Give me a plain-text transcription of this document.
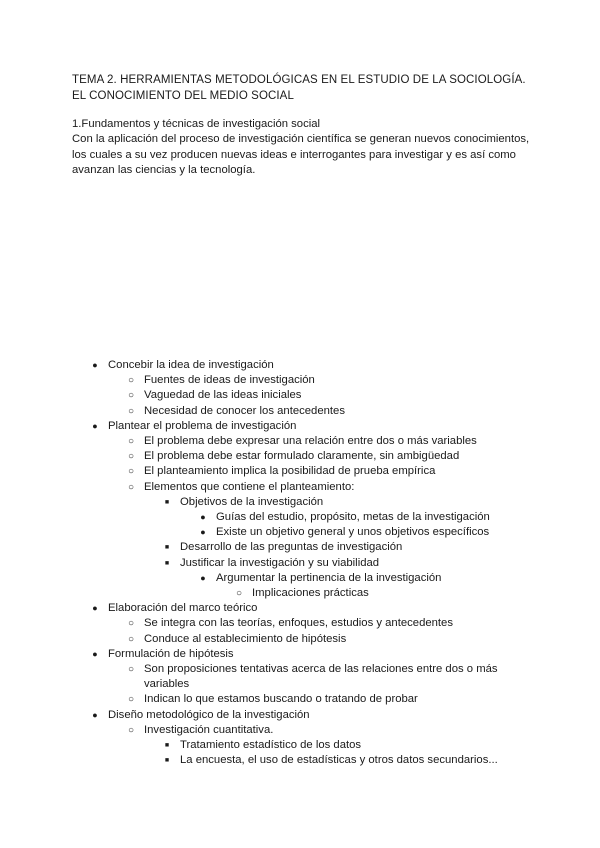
TEMA 2. HERRAMIENTAS METODOLÓGICAS EN EL ESTUDIO DE LA SOCIOLOGÍA. EL CONOCIMIENTO DEL MEDIO SOCIAL

1.Fundamentos y técnicas de investigación social

Con la aplicación del proceso de investigación científica se generan nuevos conocimientos, los cuales a su vez producen nuevas ideas e interrogantes para investigar y es así como avanzan las ciencias y la tecnología.

● Concebir la idea de investigación
○ Fuentes de ideas de investigación
○ Vaguedad de las ideas iniciales
○ Necesidad de conocer los antecedentes
● Plantear el problema de investigación
○ El problema debe expresar una relación entre dos o más variables
○ El problema debe estar formulado claramente, sin ambigüedad
○ El planteamiento implica la posibilidad de prueba empírica
○ Elementos que contiene el planteamiento:
■ Objetivos de la investigación
● Guías del estudio, propósito, metas de la investigación
● Existe un objetivo general y unos objetivos específicos
■ Desarrollo de las preguntas de investigación
■ Justificar la investigación y su viabilidad
● Argumentar la pertinencia de la investigación
○ Implicaciones prácticas
● Elaboración del marco teórico
○ Se integra con las teorías, enfoques, estudios y antecedentes
○ Conduce al establecimiento de hipótesis
● Formulación de hipótesis
○ Son proposiciones tentativas acerca de las relaciones entre dos o más
variables
○ Indican lo que estamos buscando o tratando de probar
● Diseño metodológico de la investigación
○ Investigación cuantitativa.
■ Tratamiento estadístico de los datos
■ La encuesta, el uso de estadísticas y otros datos secundarios...
